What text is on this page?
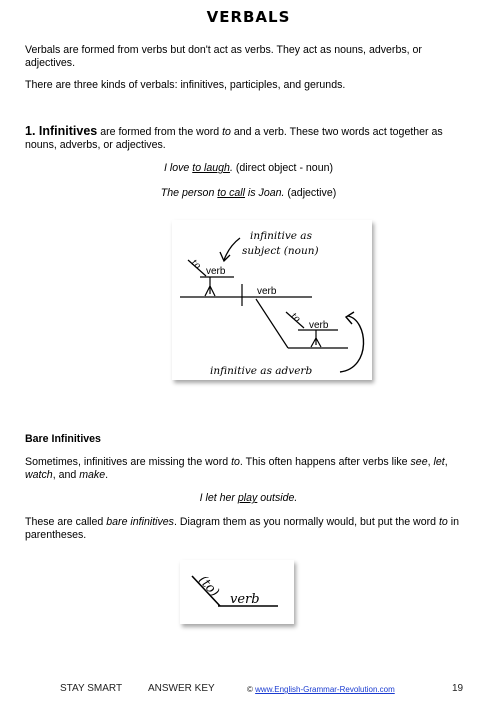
VERBALS
Verbals are formed from verbs but don't act as verbs. They act as nouns, adverbs, or adjectives.
There are three kinds of verbals: infinitives, participles, and gerunds.
1. Infinitives are formed from the word to and a verb. These two words act together as nouns, adverbs, or adjectives.
I love to laugh. (direct object - noun)
The person to call is Joan. (adjective)
infinitive as
subject (noun)
to verb
verb
to
verb
infinitive as adverb
Bare Infinitives
Sometimes, infinitives are missing the word to. This often happens after verbs like see, let, watch, and make.
I let her play outside.
These are called bare infinitives. Diagram them as you normally would, but put the word to in parentheses.
(to) verb
STAY SMART	ANSWER KEY	© www.English-Grammar-Revolution.com	19
